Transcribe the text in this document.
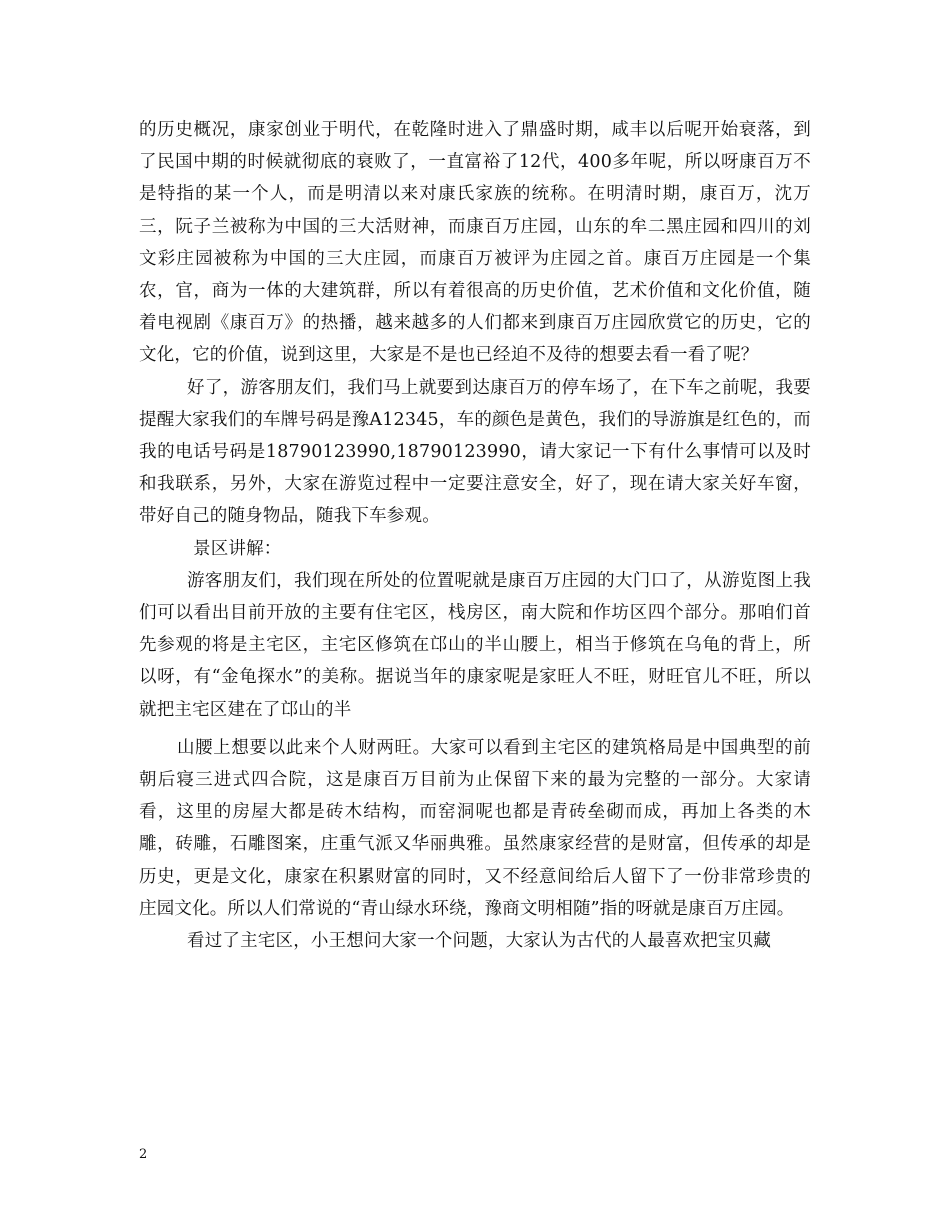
的历史概况，康家创业于明代，在乾隆时进入了鼎盛时期，咸丰以后呢开始衰落，到了民国中期的时候就彻底的衰败了，一直富裕了12代，400多年呢，所以呀康百万不是特指的某一个人，而是明清以来对康氏家族的统称。在明清时期，康百万，沈万三，阮子兰被称为中国的三大活财神，而康百万庄园，山东的牟二黑庄园和四川的刘文彩庄园被称为中国的三大庄园，而康百万被评为庄园之首。康百万庄园是一个集农，官，商为一体的大建筑群，所以有着很高的历史价值，艺术价值和文化价值，随着电视剧《康百万》的热播，越来越多的人们都来到康百万庄园欣赏它的历史，它的文化，它的价值，说到这里，大家是不是也已经迫不及待的想要去看一看了呢？

好了，游客朋友们，我们马上就要到达康百万的停车场了，在下车之前呢，我要提醒大家我们的车牌号码是豫A12345，车的颜色是黄色，我们的导游旗是红色的，而我的电话号码是18790123990,18790123990，请大家记一下有什么事情可以及时和我联系，另外，大家在游览过程中一定要注意安全，好了，现在请大家关好车窗，带好自己的随身物品，随我下车参观。

景区讲解：

游客朋友们，我们现在所处的位置呢就是康百万庄园的大门口了，从游览图上我们可以看出目前开放的主要有住宅区，栈房区，南大院和作坊区四个部分。那咱们首先参观的将是主宅区，主宅区修筑在邙山的半山腰上，相当于修筑在乌龟的背上，所以呀，有“金龟探水”的美称。据说当年的康家呢是家旺人不旺，财旺官儿不旺，所以就把主宅区建在了邙山的半

山腰上想要以此来个人财两旺。大家可以看到主宅区的建筑格局是中国典型的前朝后寝三进式四合院，这是康百万目前为止保留下来的最为完整的一部分。大家请看，这里的房屋大都是砖木结构，而窑洞呢也都是青砖垒砌而成，再加上各类的木雕，砖雕，石雕图案，庄重气派又华丽典雅。虽然康家经营的是财富，但传承的却是历史，更是文化，康家在积累财富的同时，又不经意间给后人留下了一份非常珍贵的庄园文化。所以人们常说的“青山绿水环绕，豫商文明相随”指的呀就是康百万庄园。

看过了主宅区，小王想问大家一个问题，大家认为古代的人最喜欢把宝贝藏

2
